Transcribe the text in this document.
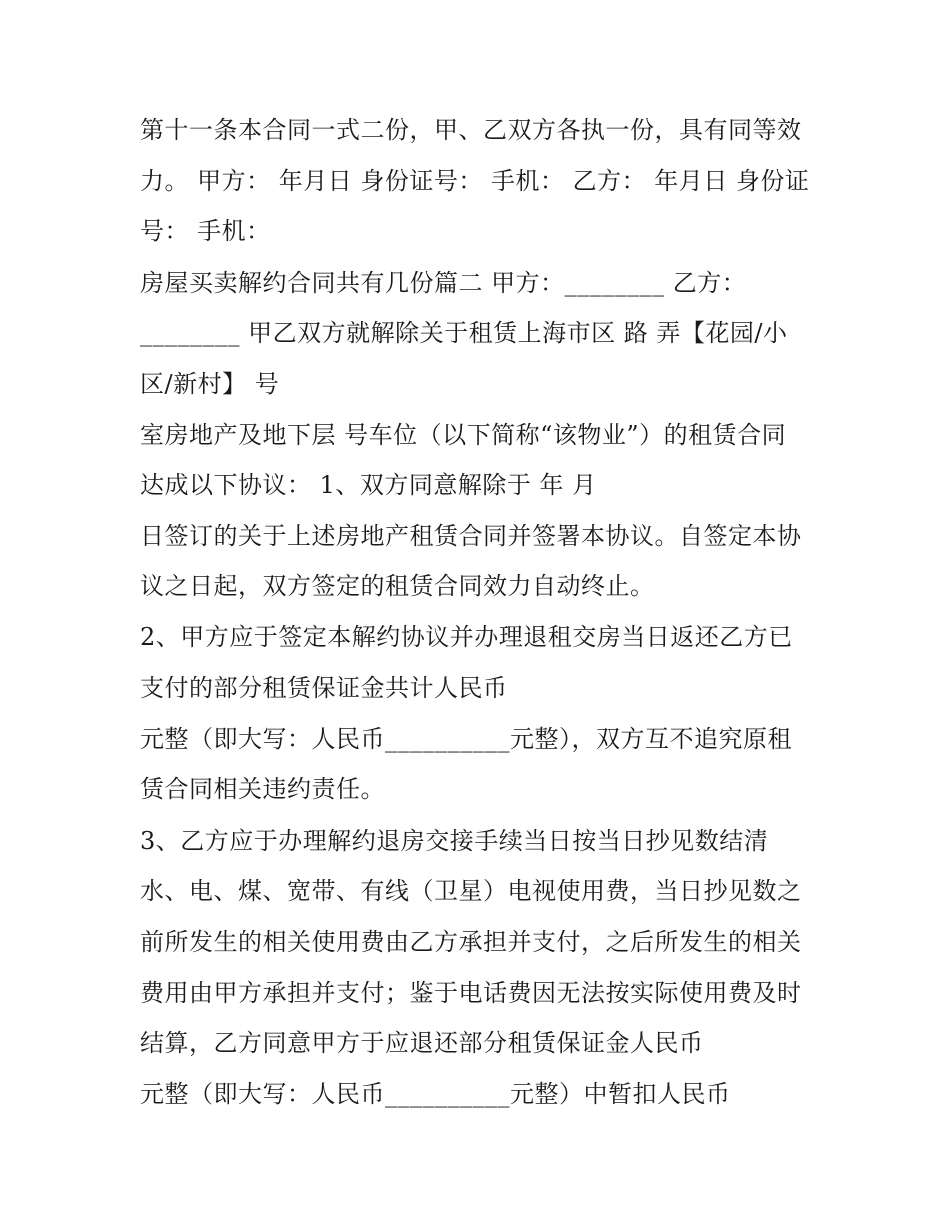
第十一条本合同一式二份，甲、乙双方各执一份，具有同等效
力。 甲方： 年月日 身份证号： 手机： 乙方： 年月日 身份证
号： 手机：
房屋买卖解约合同共有几份篇二 甲方：________ 乙方：
________ 甲乙双方就解除关于租赁上海市区 路 弄【花园/小
区/新村】 号
室房地产及地下层 号车位（以下简称“该物业”）的租赁合同
达成以下协议： 1、双方同意解除于 年 月
日签订的关于上述房地产租赁合同并签署本协议。自签定本协
议之日起，双方签定的租赁合同效力自动终止。
2、甲方应于签定本解约协议并办理退租交房当日返还乙方已
支付的部分租赁保证金共计人民币
元整（即大写：人民币__________元整），双方互不追究原租
赁合同相关违约责任。
3、乙方应于办理解约退房交接手续当日按当日抄见数结清
水、电、煤、宽带、有线（卫星）电视使用费，当日抄见数之
前所发生的相关使用费由乙方承担并支付，之后所发生的相关
费用由甲方承担并支付；鉴于电话费因无法按实际使用费及时
结算，乙方同意甲方于应退还部分租赁保证金人民币
元整（即大写：人民币__________元整）中暂扣人民币
